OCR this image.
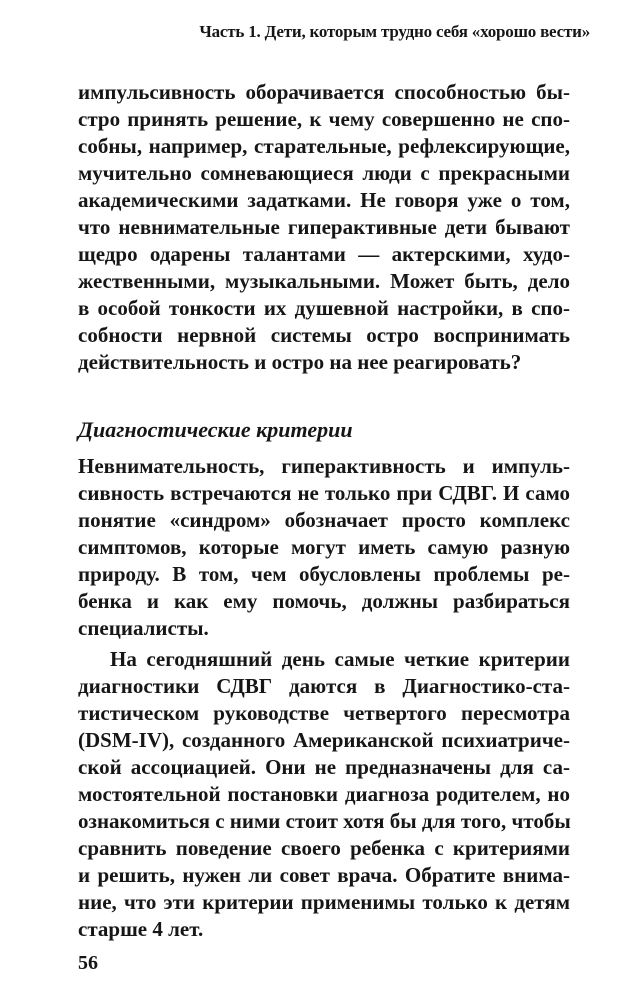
Часть 1. Дети, которым трудно себя «хорошо вести»
импульсивность оборачивается способностью бы-
стро принять решение, к чему совершенно не спо-
собны, например, старательные, рефлексирующие,
мучительно сомневающиеся люди с прекрасными
академическими задатками. Не говоря уже о том,
что невнимательные гиперактивные дети бывают
щедро одарены талантами — актерскими, худо-
жественными, музыкальными. Может быть, дело
в особой тонкости их душевной настройки, в спо-
собности нервной системы остро воспринимать
действительность и остро на нее реагировать?
Диагностические критерии
Невнимательность, гиперактивность и импуль-
сивность встречаются не только при СДВГ. И само
понятие «синдром» обозначает просто комплекс
симптомов, которые могут иметь самую разную
природу. В том, чем обусловлены проблемы ре-
бенка и как ему помочь, должны разбираться
специалисты.
На сегодняшний день самые четкие критерии
диагностики СДВГ даются в Диагностико-ста-
тистическом руководстве четвертого пересмотра
(DSM-IV), созданного Американской психиатриче-
ской ассоциацией. Они не предназначены для са-
мостоятельной постановки диагноза родителем, но
ознакомиться с ними стоит хотя бы для того, чтобы
сравнить поведение своего ребенка с критериями
и решить, нужен ли совет врача. Обратите внима-
ние, что эти критерии применимы только к детям
старше 4 лет.
56
